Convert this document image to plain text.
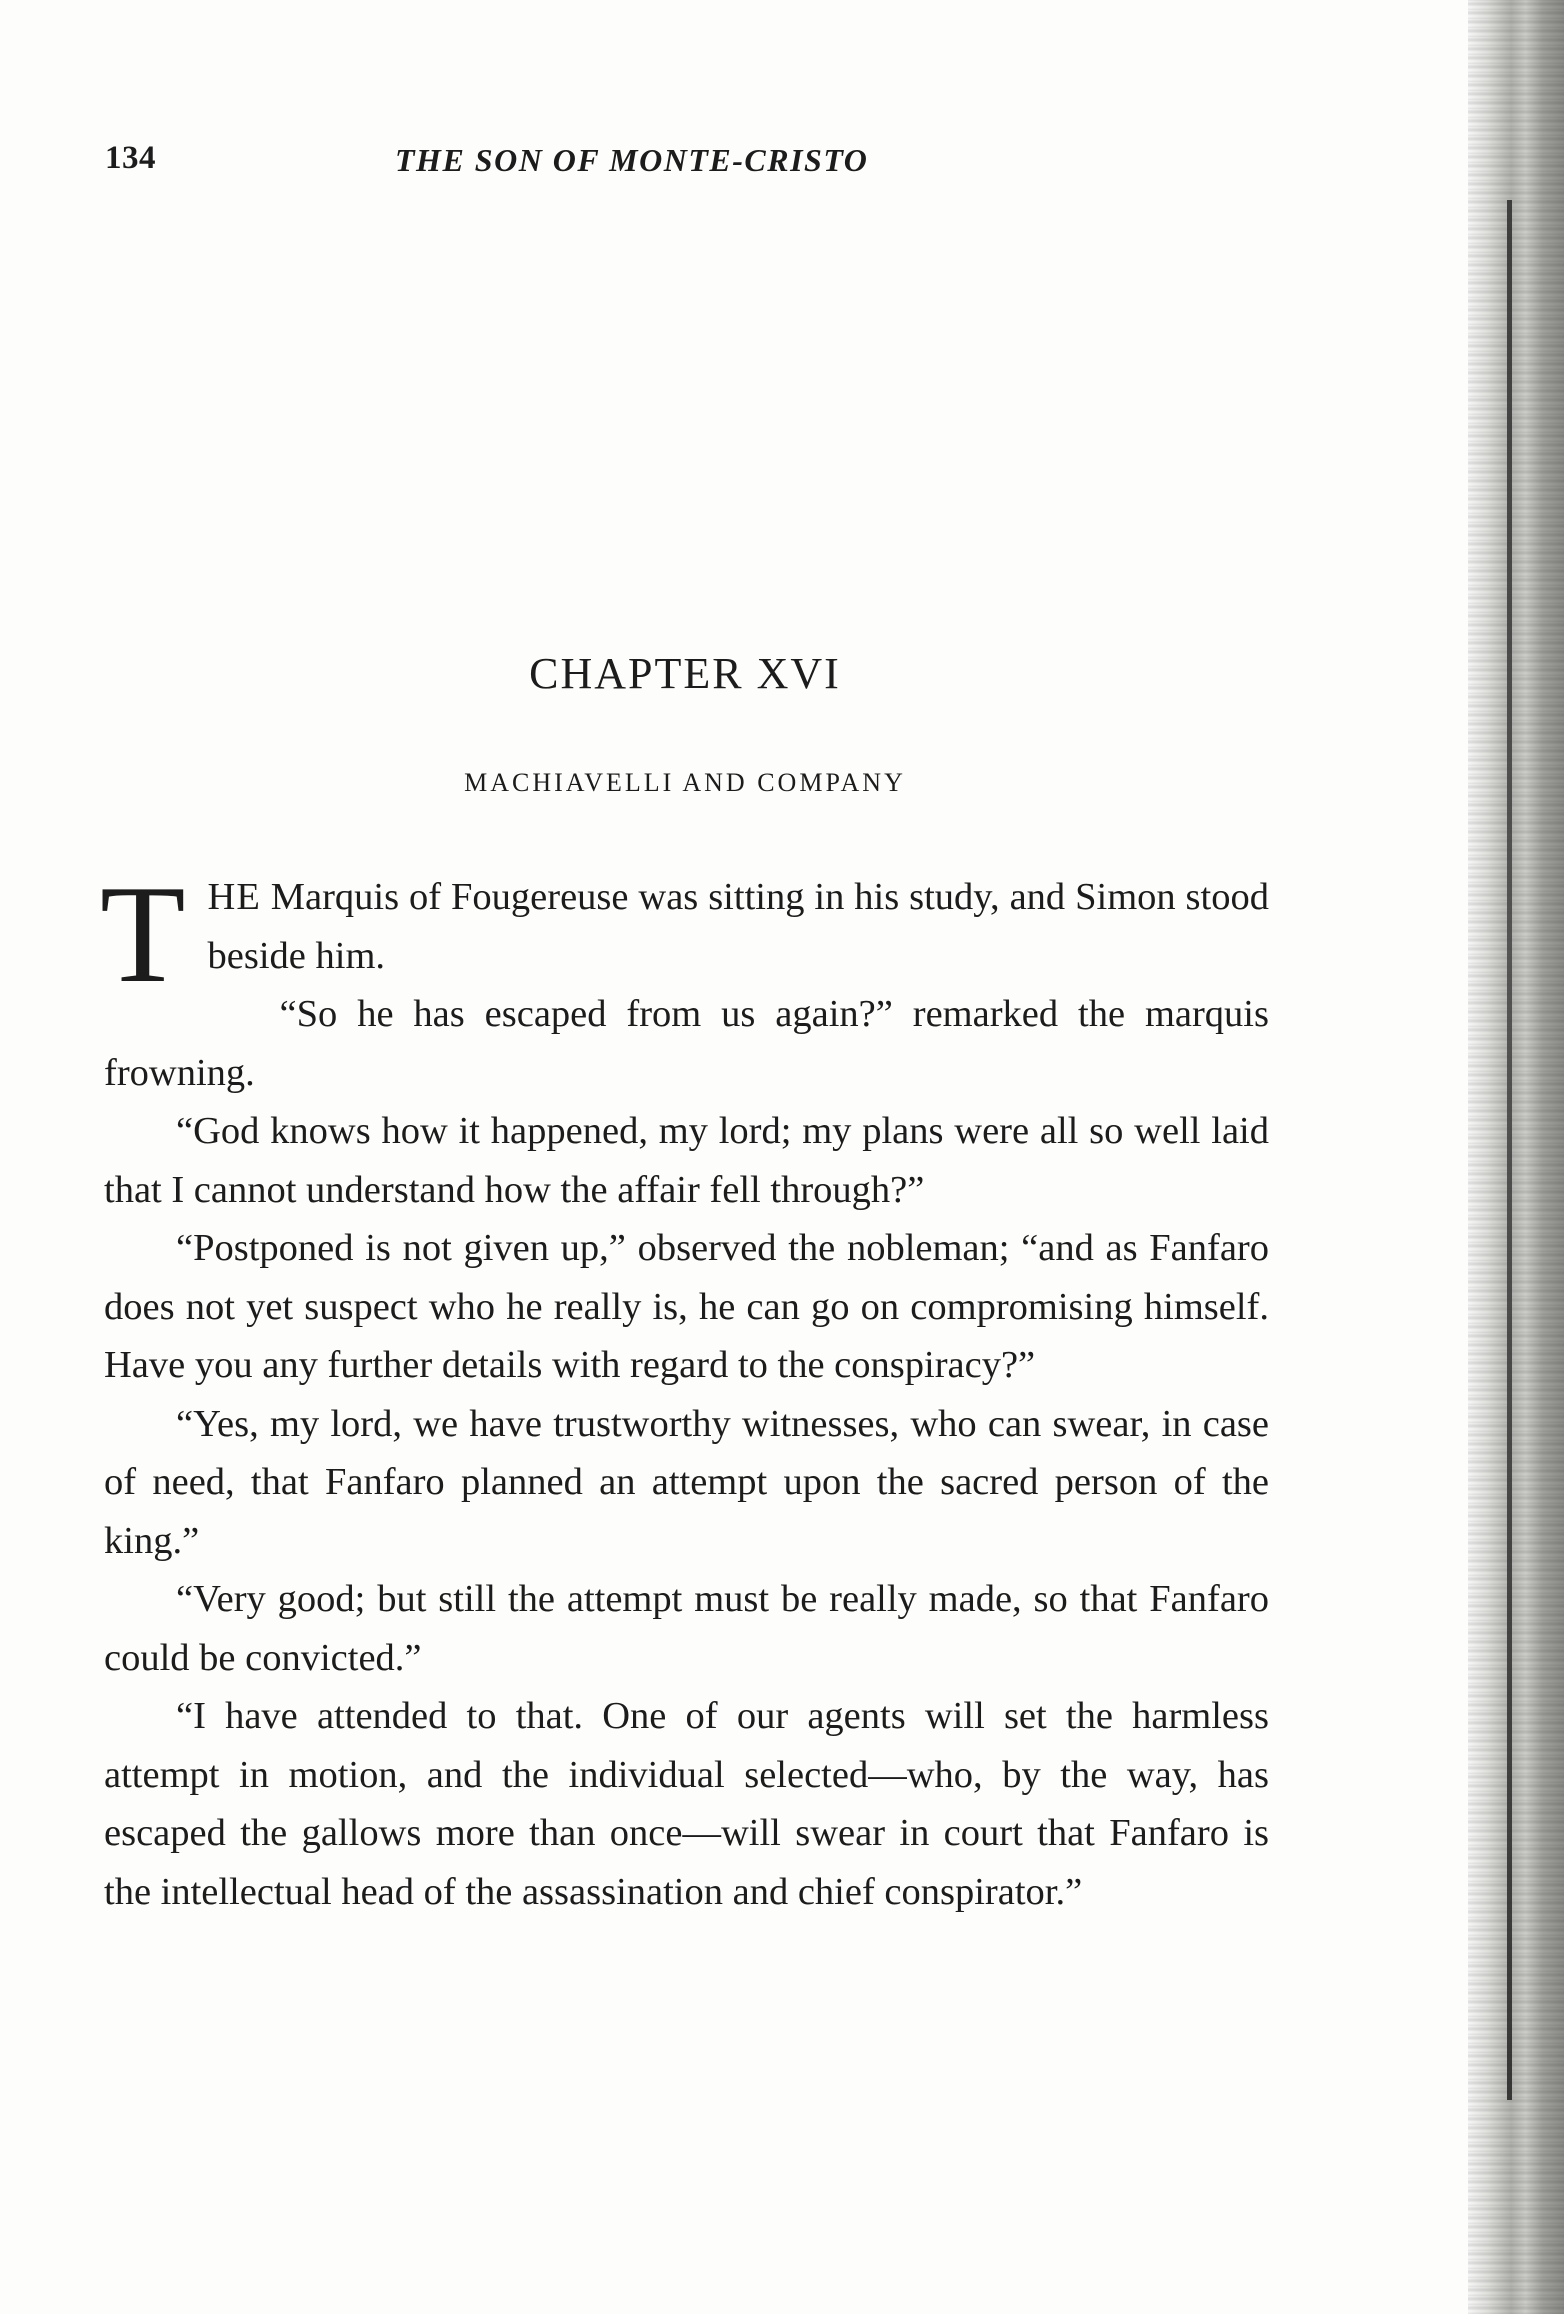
134	THE SON OF MONTE-CRISTO
CHAPTER XVI
MACHIAVELLI AND COMPANY

THE Marquis of Fougereuse was sitting in his study, and Simon stood beside him.

“So he has escaped from us again?” remarked the marquis frowning.

“God knows how it happened, my lord; my plans were all so well laid that I cannot understand how the affair fell through?”

“Postponed is not given up,” observed the nobleman; “and as Fanfaro does not yet suspect who he really is, he can go on compromising himself. Have you any further details with regard to the conspiracy?”

“Yes, my lord, we have trustworthy witnesses, who can swear, in case of need, that Fanfaro planned an attempt upon the sacred person of the king.”

“Very good; but still the attempt must be really made, so that Fanfaro could be convicted.”

“I have attended to that. One of our agents will set the harmless attempt in motion, and the individual selected—who, by the way, has escaped the gallows more than once—will swear in court that Fanfaro is the intellectual head of the assassination and chief conspirator.”
